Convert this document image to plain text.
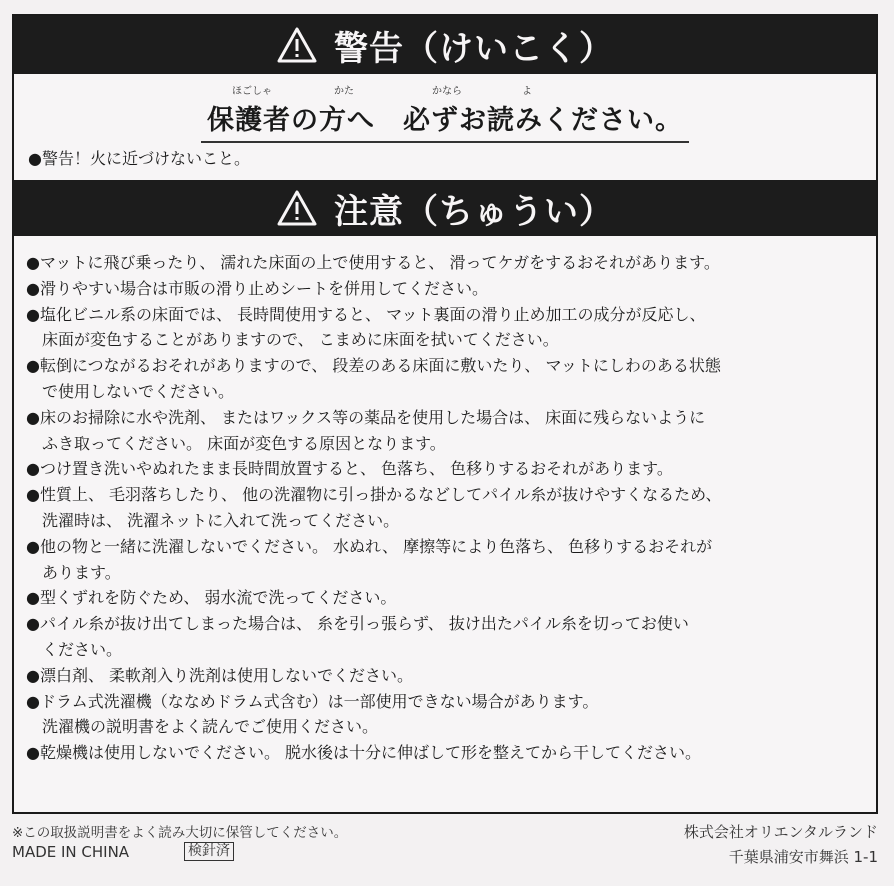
警告（けいこく）
ほごしゃ	かた	かなら	よ
保護者の方へ　必ずお読みください。
●警告！火に近づけないこと。
注意（ちゅうい）
●マットに飛び乗ったり、 濡れた床面の上で使用すると、 滑ってケガをするおそれがあります。
●滑りやすい場合は市販の滑り止めシートを併用してください。
●塩化ビニル系の床面では、 長時間使用すると、 マット裏面の滑り止め加工の成分が反応し、
床面が変色することがありますので、 こまめに床面を拭いてください。
●転倒につながるおそれがありますので、 段差のある床面に敷いたり、 マットにしわのある状態
で使用しないでください。
●床のお掃除に水や洗剤、 またはワックス等の薬品を使用した場合は、 床面に残らないように
ふき取ってください。 床面が変色する原因となります。
●つけ置き洗いやぬれたまま長時間放置すると、 色落ち、 色移りするおそれがあります。
●性質上、 毛羽落ちしたり、 他の洗濯物に引っ掛かるなどしてパイル糸が抜けやすくなるため、
洗濯時は、 洗濯ネットに入れて洗ってください。
●他の物と一緒に洗濯しないでください。 水ぬれ、 摩擦等により色落ち、 色移りするおそれが
あります。
●型くずれを防ぐため、 弱水流で洗ってください。
●パイル糸が抜け出てしまった場合は、 糸を引っ張らず、 抜け出たパイル糸を切ってお使い
ください。
●漂白剤、 柔軟剤入り洗剤は使用しないでください。
●ドラム式洗濯機（ななめドラム式含む）は一部使用できない場合があります。
洗濯機の説明書をよく読んでご使用ください。
●乾燥機は使用しないでください。 脱水後は十分に伸ばして形を整えてから干してください。
※この取扱説明書をよく読み大切に保管してください。
MADE IN CHINA	検針済
株式会社オリエンタルランド
千葉県浦安市舞浜 1-1
